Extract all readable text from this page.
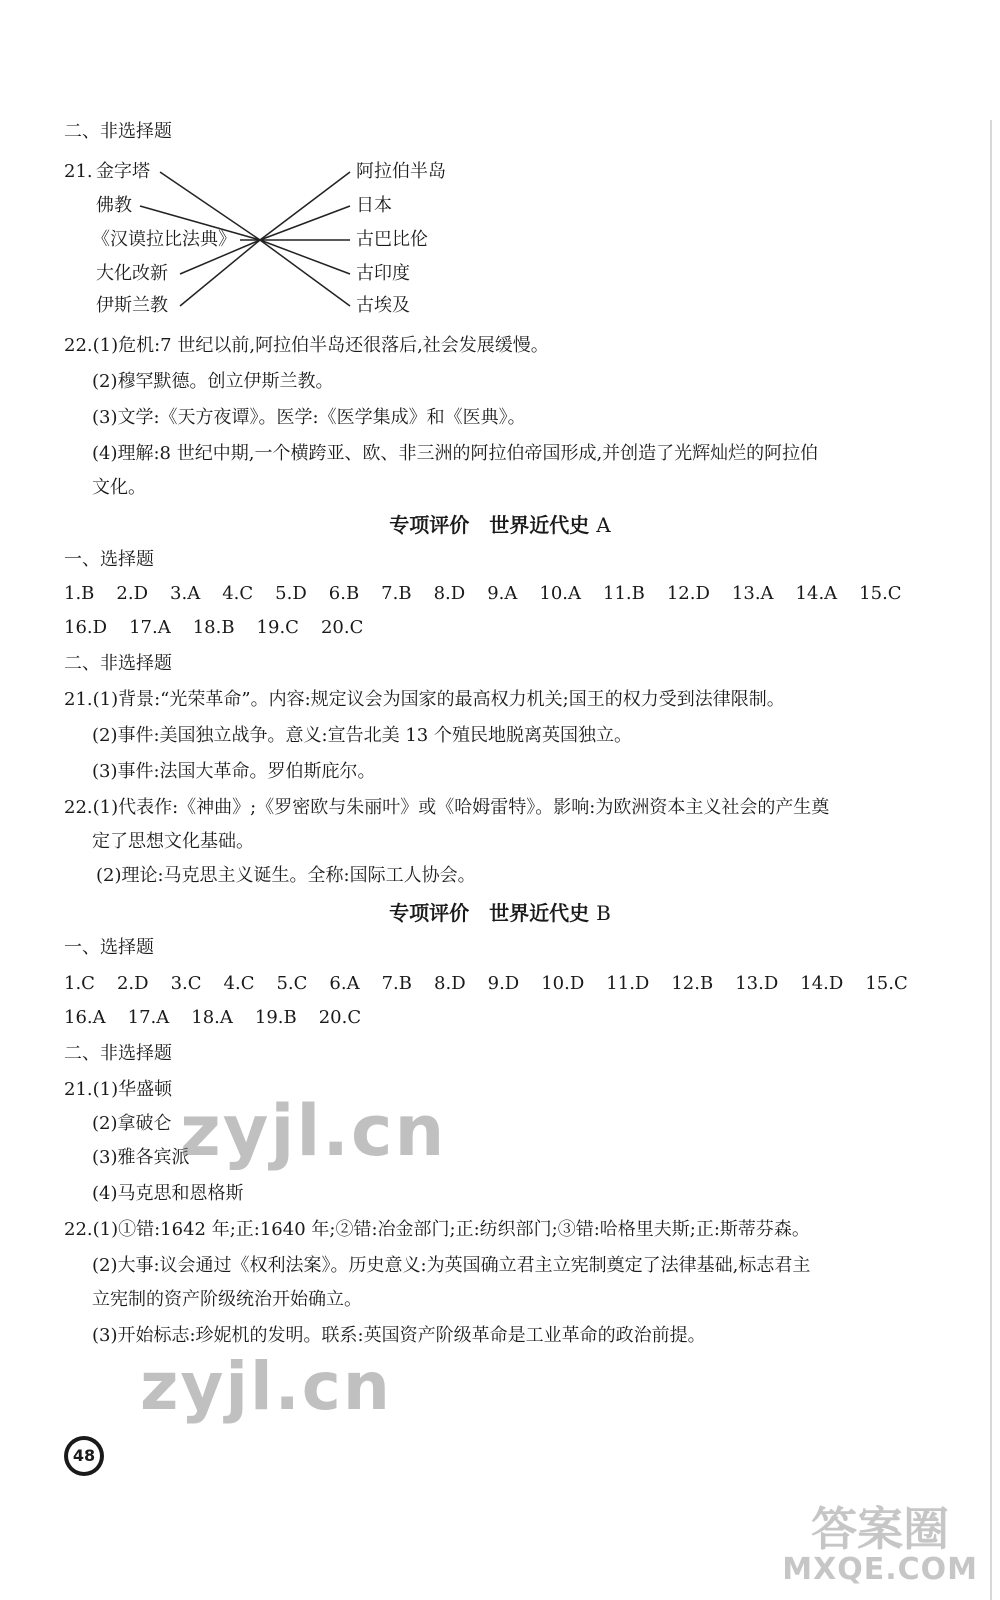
二、非选择题
21. 金字塔
佛教
《汉谟拉比法典》
大化改新
伊斯兰教
阿拉伯半岛
日本
古巴比伦
古印度
古埃及
22.(1)危机:7 世纪以前,阿拉伯半岛还很落后,社会发展缓慢。
(2)穆罕默德。创立伊斯兰教。
(3)文学:《天方夜谭》。医学:《医学集成》和《医典》。
(4)理解:8 世纪中期,一个横跨亚、欧、非三洲的阿拉伯帝国形成,并创造了光辉灿烂的阿拉伯
文化。
专项评价　世界近代史 A
一、选择题
1.B 2.D 3.A 4.C 5.D 6.B 7.B 8.D 9.A 10.A 11.B 12.D 13.A 14.A 15.C
16.D 17.A 18.B 19.C 20.C
二、非选择题
21.(1)背景:“光荣革命”。内容:规定议会为国家的最高权力机关;国王的权力受到法律限制。
(2)事件:美国独立战争。意义:宣告北美 13 个殖民地脱离英国独立。
(3)事件:法国大革命。罗伯斯庇尔。
22.(1)代表作:《神曲》;《罗密欧与朱丽叶》或《哈姆雷特》。影响:为欧洲资本主义社会的产生奠
定了思想文化基础。
(2)理论:马克思主义诞生。全称:国际工人协会。
专项评价　世界近代史 B
一、选择题
1.C 2.D 3.C 4.C 5.C 6.A 7.B 8.D 9.D 10.D 11.D 12.B 13.D 14.D 15.C
16.A 17.A 18.A 19.B 20.C
二、非选择题
21.(1)华盛顿
(2)拿破仑
(3)雅各宾派
(4)马克思和恩格斯
22.(1)①错:1642 年;正:1640 年;②错:冶金部门;正:纺织部门;③错:哈格里夫斯;正:斯蒂芬森。
(2)大事:议会通过《权利法案》。历史意义:为英国确立君主立宪制奠定了法律基础,标志君主
立宪制的资产阶级统治开始确立。
(3)开始标志:珍妮机的发明。联系:英国资产阶级革命是工业革命的政治前提。
zyjl.cn
zyjl.cn
答案圈
MXQE.COM
48
